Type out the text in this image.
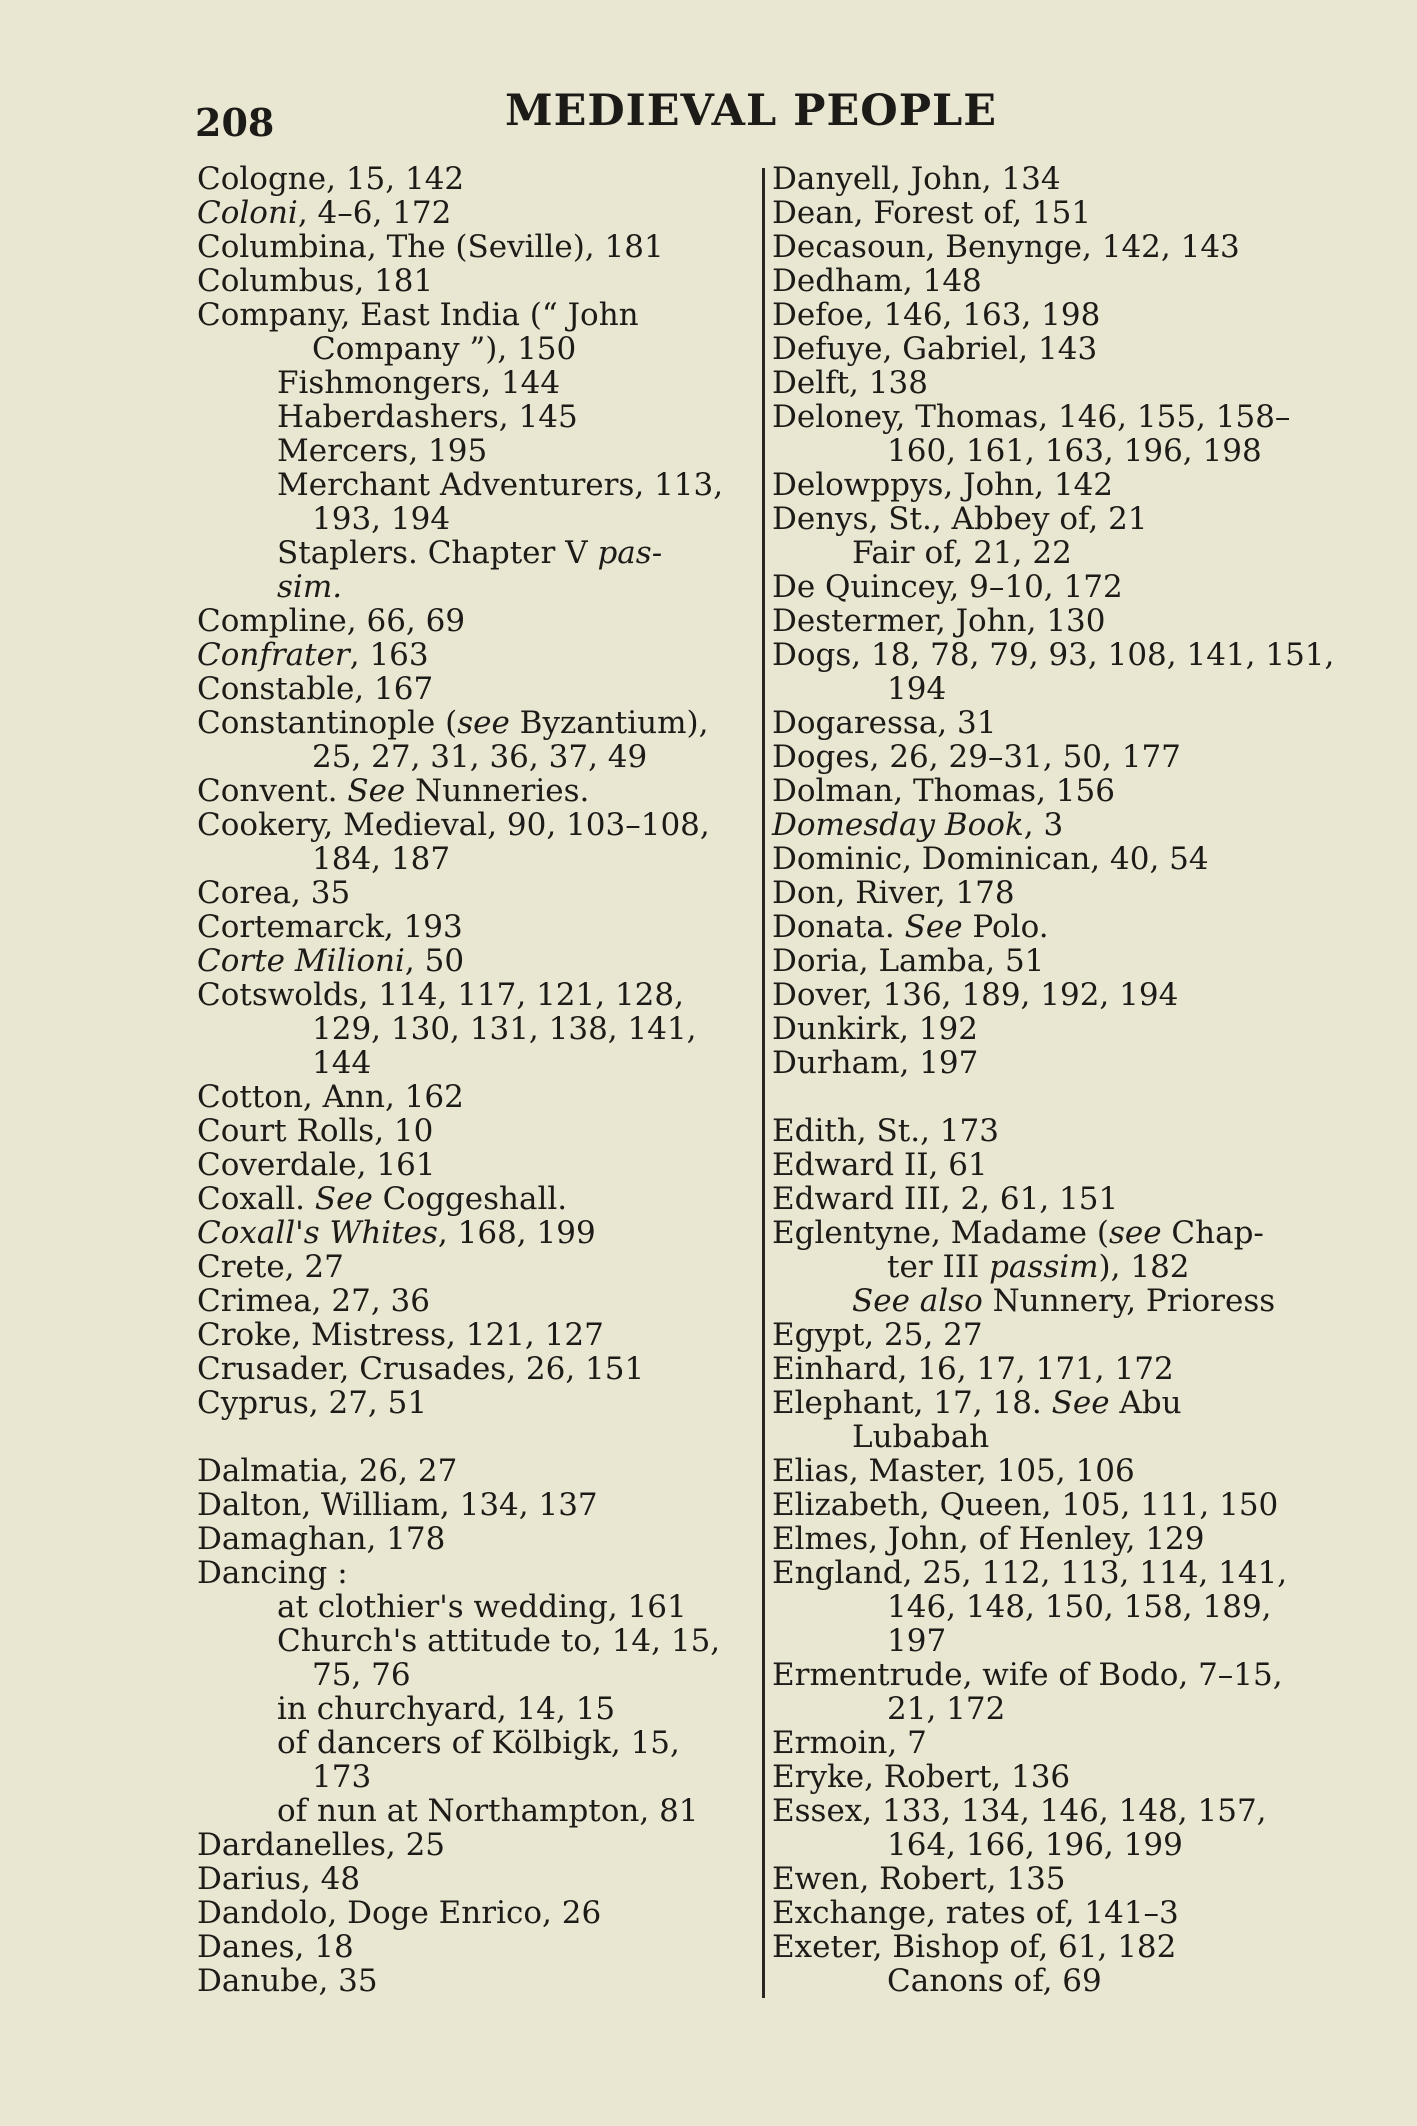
208	MEDIEVAL PEOPLE
Cologne, 15, 142
Coloni, 4–6, 172
Columbina, The (Seville), 181
Columbus, 181
Company, East India (“ John
Company ”), 150
Fishmongers, 144
Haberdashers, 145
Mercers, 195
Merchant Adventurers, 113,
193, 194
Staplers. Chapter V pas-
sim.
Compline, 66, 69
Confrater, 163
Constable, 167
Constantinople (see Byzantium),
25, 27, 31, 36, 37, 49
Convent. See Nunneries.
Cookery, Medieval, 90, 103–108,
184, 187
Corea, 35
Cortemarck, 193
Corte Milioni, 50
Cotswolds, 114, 117, 121, 128,
129, 130, 131, 138, 141,
144
Cotton, Ann, 162
Court Rolls, 10
Coverdale, 161
Coxall. See Coggeshall.
Coxall's Whites, 168, 199
Crete, 27
Crimea, 27, 36
Croke, Mistress, 121, 127
Crusader, Crusades, 26, 151
Cyprus, 27, 51
Dalmatia, 26, 27
Dalton, William, 134, 137
Damaghan, 178
Dancing :
at clothier's wedding, 161
Church's attitude to, 14, 15,
75, 76
in churchyard, 14, 15
of dancers of Kölbigk, 15,
173
of nun at Northampton, 81
Dardanelles, 25
Darius, 48
Dandolo, Doge Enrico, 26
Danes, 18
Danube, 35
Danyell, John, 134
Dean, Forest of, 151
Decasoun, Benynge, 142, 143
Dedham, 148
Defoe, 146, 163, 198
Defuye, Gabriel, 143
Delft, 138
Deloney, Thomas, 146, 155, 158–
160, 161, 163, 196, 198
Delowppys, John, 142
Denys, St., Abbey of, 21
Fair of, 21, 22
De Quincey, 9–10, 172
Destermer, John, 130
Dogs, 18, 78, 79, 93, 108, 141, 151,
194
Dogaressa, 31
Doges, 26, 29–31, 50, 177
Dolman, Thomas, 156
Domesday Book, 3
Dominic, Dominican, 40, 54
Don, River, 178
Donata. See Polo.
Doria, Lamba, 51
Dover, 136, 189, 192, 194
Dunkirk, 192
Durham, 197
Edith, St., 173
Edward II, 61
Edward III, 2, 61, 151
Eglentyne, Madame (see Chap-
ter III passim), 182
See also Nunnery, Prioress
Egypt, 25, 27
Einhard, 16, 17, 171, 172
Elephant, 17, 18. See Abu
Lubabah
Elias, Master, 105, 106
Elizabeth, Queen, 105, 111, 150
Elmes, John, of Henley, 129
England, 25, 112, 113, 114, 141,
146, 148, 150, 158, 189,
197
Ermentrude, wife of Bodo, 7–15,
21, 172
Ermoin, 7
Eryke, Robert, 136
Essex, 133, 134, 146, 148, 157,
164, 166, 196, 199
Ewen, Robert, 135
Exchange, rates of, 141–3
Exeter, Bishop of, 61, 182
Canons of, 69
